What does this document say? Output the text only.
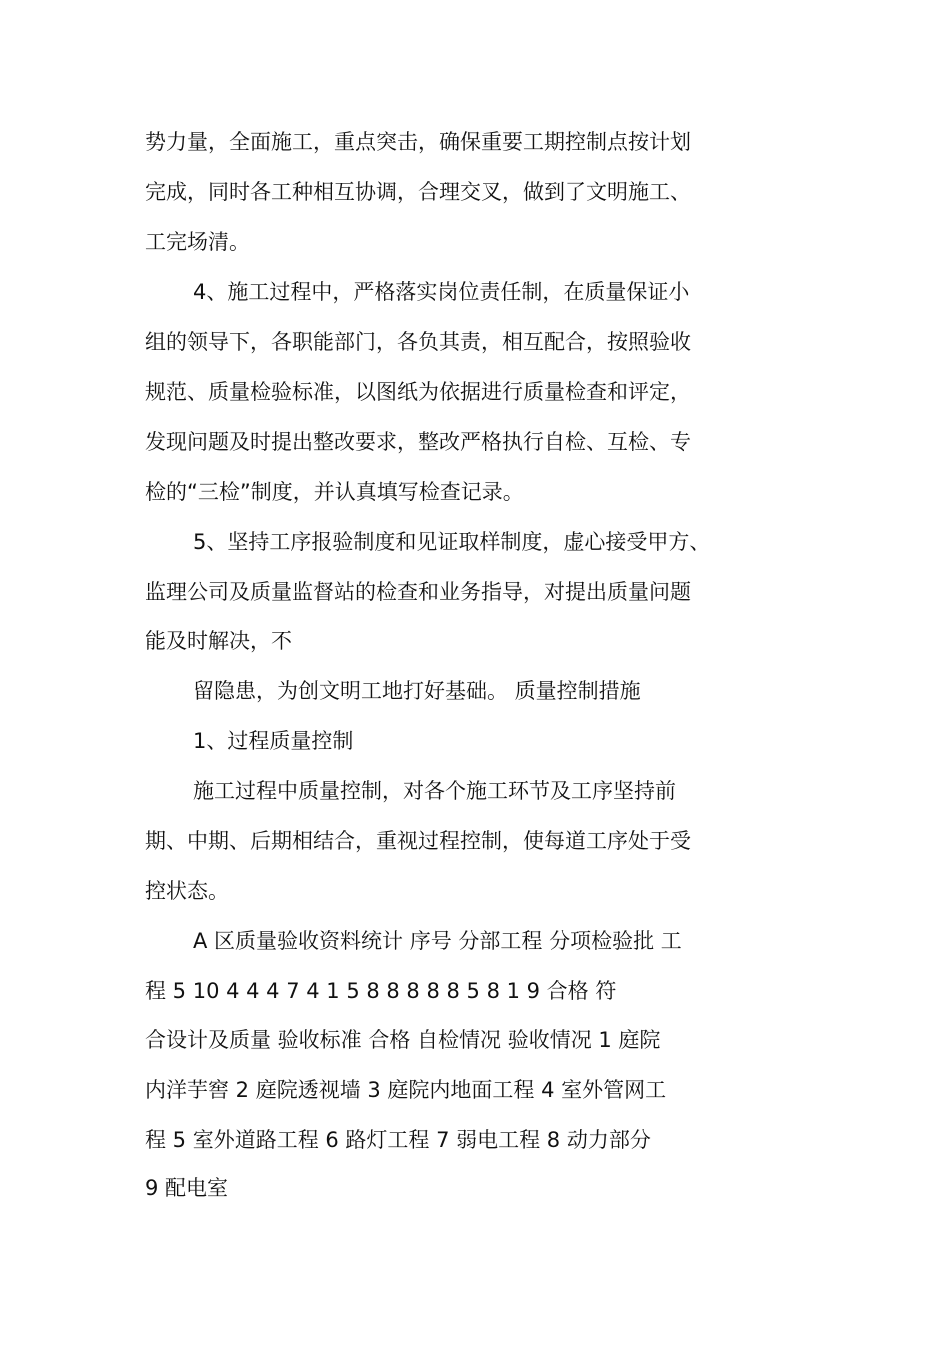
势力量，全面施工，重点突击，确保重要工期控制点按计划
完成，同时各工种相互协调，合理交叉，做到了文明施工、
工完场清。
4、施工过程中，严格落实岗位责任制，在质量保证小
组的领导下，各职能部门，各负其责，相互配合，按照验收
规范、质量检验标准，以图纸为依据进行质量检查和评定，
发现问题及时提出整改要求，整改严格执行自检、互检、专
检的“三检”制度，并认真填写检查记录。
5、坚持工序报验制度和见证取样制度，虚心接受甲方、
监理公司及质量监督站的检查和业务指导，对提出质量问题
能及时解决，不
留隐患，为创文明工地打好基础。 质量控制措施
1、过程质量控制
施工过程中质量控制，对各个施工环节及工序坚持前
期、中期、后期相结合，重视过程控制，使每道工序处于受
控状态。
A 区质量验收资料统计 序号 分部工程 分项检验批 工
程 5 10 4 4 4 7 4 1 5 8 8 8 8 8 5 8 1 9 合格 符
合设计及质量 验收标准 合格 自检情况 验收情况 1 庭院
内洋芋窖 2 庭院透视墙 3 庭院内地面工程 4 室外管网工
程 5 室外道路工程 6 路灯工程 7 弱电工程 8 动力部分
9 配电室
